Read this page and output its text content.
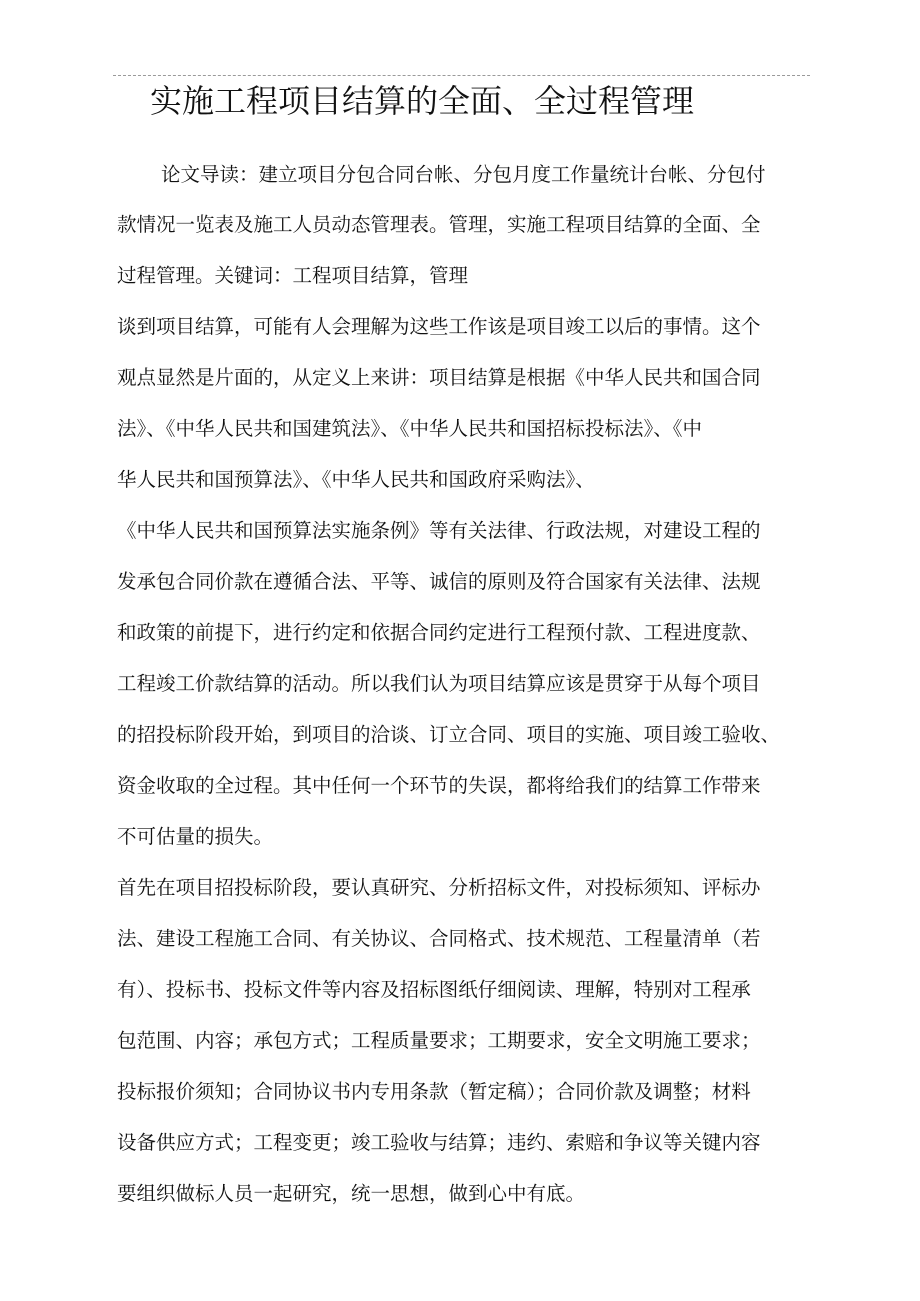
实施工程项目结算的全面、全过程管理
论文导读：建立项目分包合同台帐、分包月度工作量统计台帐、分包付
款情况一览表及施工人员动态管理表。管理，实施工程项目结算的全面、全
过程管理。关键词：工程项目结算，管理
谈到项目结算，可能有人会理解为这些工作该是项目竣工以后的事情。这个
观点显然是片面的，从定义上来讲：项目结算是根据《中华人民共和国合同
法》、《中华人民共和国建筑法》、《中华人民共和国招标投标法》、《中
华人民共和国预算法》、《中华人民共和国政府采购法》、
《中华人民共和国预算法实施条例》等有关法律、行政法规，对建设工程的
发承包合同价款在遵循合法、平等、诚信的原则及符合国家有关法律、法规
和政策的前提下，进行约定和依据合同约定进行工程预付款、工程进度款、
工程竣工价款结算的活动。所以我们认为项目结算应该是贯穿于从每个项目
的招投标阶段开始，到项目的洽谈、订立合同、项目的实施、项目竣工验收、
资金收取的全过程。其中任何一个环节的失误，都将给我们的结算工作带来
不可估量的损失。
首先在项目招投标阶段，要认真研究、分析招标文件，对投标须知、评标办
法、建设工程施工合同、有关协议、合同格式、技术规范、工程量清单（若
有）、投标书、投标文件等内容及招标图纸仔细阅读、理解，特别对工程承
包范围、内容；承包方式；工程质量要求；工期要求，安全文明施工要求；
投标报价须知；合同协议书内专用条款（暂定稿）；合同价款及调整；材料
设备供应方式；工程变更；竣工验收与结算；违约、索赔和争议等关键内容
要组织做标人员一起研究，统一思想，做到心中有底。
